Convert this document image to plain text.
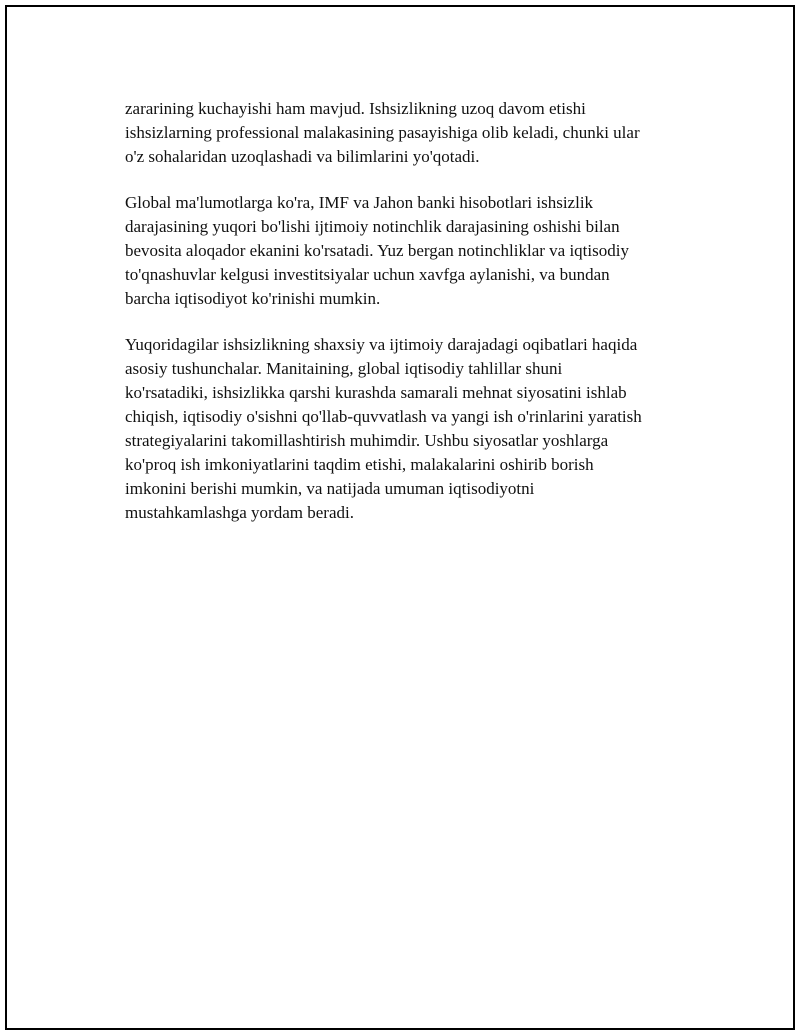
zararining kuchayishi ham mavjud. Ishsizlikning uzoq davom etishi
ishsizlarning professional malakasining pasayishiga olib keladi, chunki ular
o'z sohalaridan uzoqlashadi va bilimlarini yo'qotadi.

Global ma'lumotlarga ko'ra, IMF va Jahon banki hisobotlari ishsizlik
darajasining yuqori bo'lishi ijtimoiy notinchlik darajasining oshishi bilan
bevosita aloqador ekanini ko'rsatadi. Yuz bergan notinchliklar va iqtisodiy
to'qnashuvlar kelgusi investitsiyalar uchun xavfga aylanishi, va bundan
barcha iqtisodiyot ko'rinishi mumkin.

Yuqoridagilar ishsizlikning shaxsiy va ijtimoiy darajadagi oqibatlari haqida
asosiy tushunchalar. Manitaining, global iqtisodiy tahlillar shuni
ko'rsatadiki, ishsizlikka qarshi kurashda samarali mehnat siyosatini ishlab
chiqish, iqtisodiy o'sishni qo'llab-quvvatlash va yangi ish o'rinlarini yaratish
strategiyalarini takomillashtirish muhimdir. Ushbu siyosatlar yoshlarga
ko'proq ish imkoniyatlarini taqdim etishi, malakalarini oshirib borish
imkonini berishi mumkin, va natijada umuman iqtisodiyotni
mustahkamlashga yordam beradi.
